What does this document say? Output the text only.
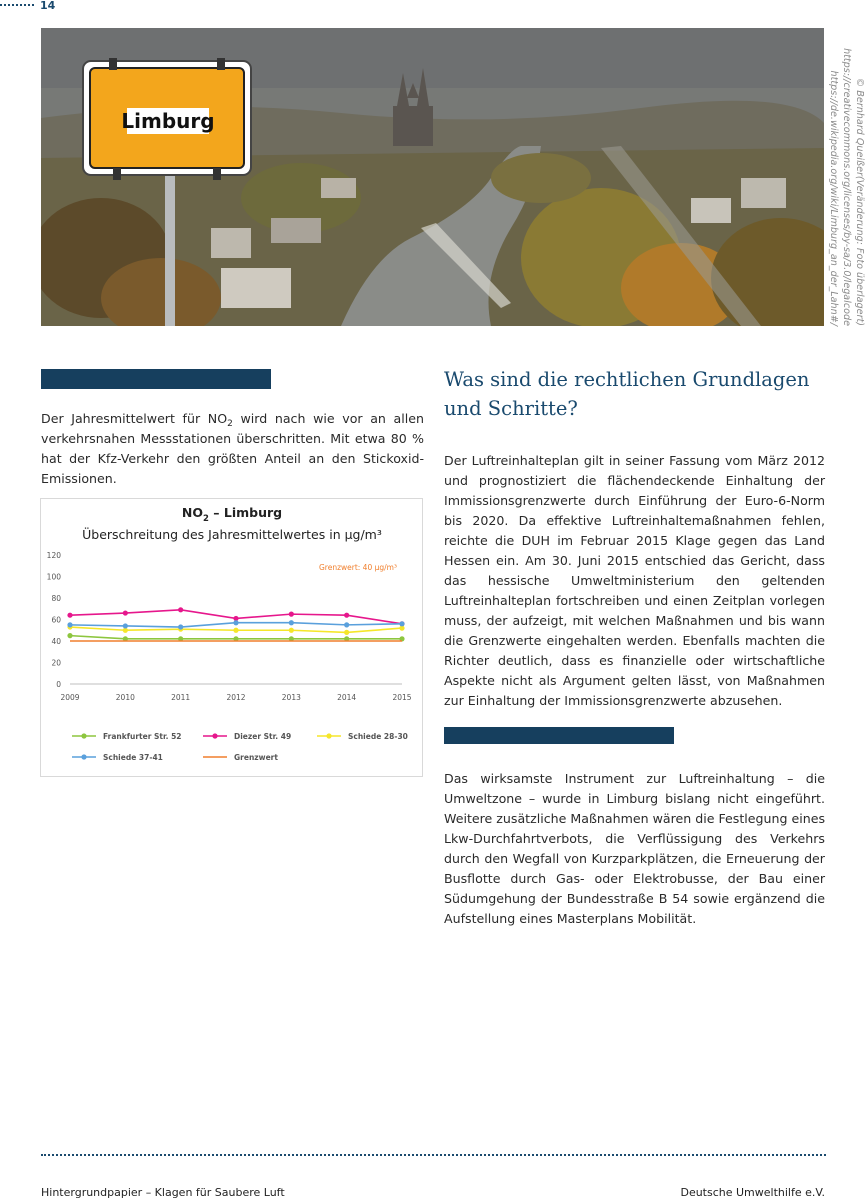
14
Limburg	© Bernhard Queißer(Veränderung: Foto überlagert)
https://creativecommons.org/licenses/by-sa/3.0/legalcode
https://de.wikipedia.org/wiki/Limburg_an_der_Lahn#/
Der Jahresmittelwert für $NO_2$ wird nach wie vor an allen verkehrsnahen Messstationen überschritten. Mit etwa 80 % hat der Kfz-Verkehr den größten Anteil an den Stickoxid-Emissionen.
$NO_2$ – Limburg
Überschreitung des Jahresmittelwertes in µg/m³
Grenzwert: 40 µg/m³
0
20
40
60
80
100
120
2009	2010	2011	2012	2013	2014	2015
Frankfurter Str. 52	Diezer Str. 49	Schiede 28-30
Schiede 37-41	Grenzwert
Was sind die rechtlichen Grundlagen und Schritte?
Der Luftreinhalteplan gilt in seiner Fassung vom März 2012 und prognostiziert die flächendeckende Einhaltung der Immissionsgrenzwerte durch Einführung der Euro-6-Norm bis 2020. Da effektive Luftreinhaltemaßnahmen fehlen, reichte die DUH im Februar 2015 Klage gegen das Land Hessen ein. Am 30. Juni 2015 entschied das Gericht, dass das hessische Umweltministerium den geltenden Luftreinhalteplan fortschreiben und einen Zeitplan vorlegen muss, der aufzeigt, mit welchen Maßnahmen und bis wann die Grenzwerte eingehalten werden. Ebenfalls machten die Richter deutlich, dass es finanzielle oder wirtschaftliche Aspekte nicht als Argument gelten lässt, von Maßnahmen zur Einhaltung der Immissionsgrenzwerte abzusehen.
Das wirksamste Instrument zur Luftreinhaltung – die Umweltzone – wurde in Limburg bislang nicht eingeführt. Weitere zusätzliche Maßnahmen wären die Festlegung eines Lkw-Durchfahrtverbots, die Verflüssigung des Verkehrs durch den Wegfall von Kurzparkplätzen, die Erneuerung der Busflotte durch Gas- oder Elektrobusse, der Bau einer Südumgehung der Bundesstraße B 54 sowie ergänzend die Aufstellung eines Masterplans Mobilität.
Hintergrundpapier – Klagen für Saubere Luft	Deutsche Umwelthilfe e.V.
